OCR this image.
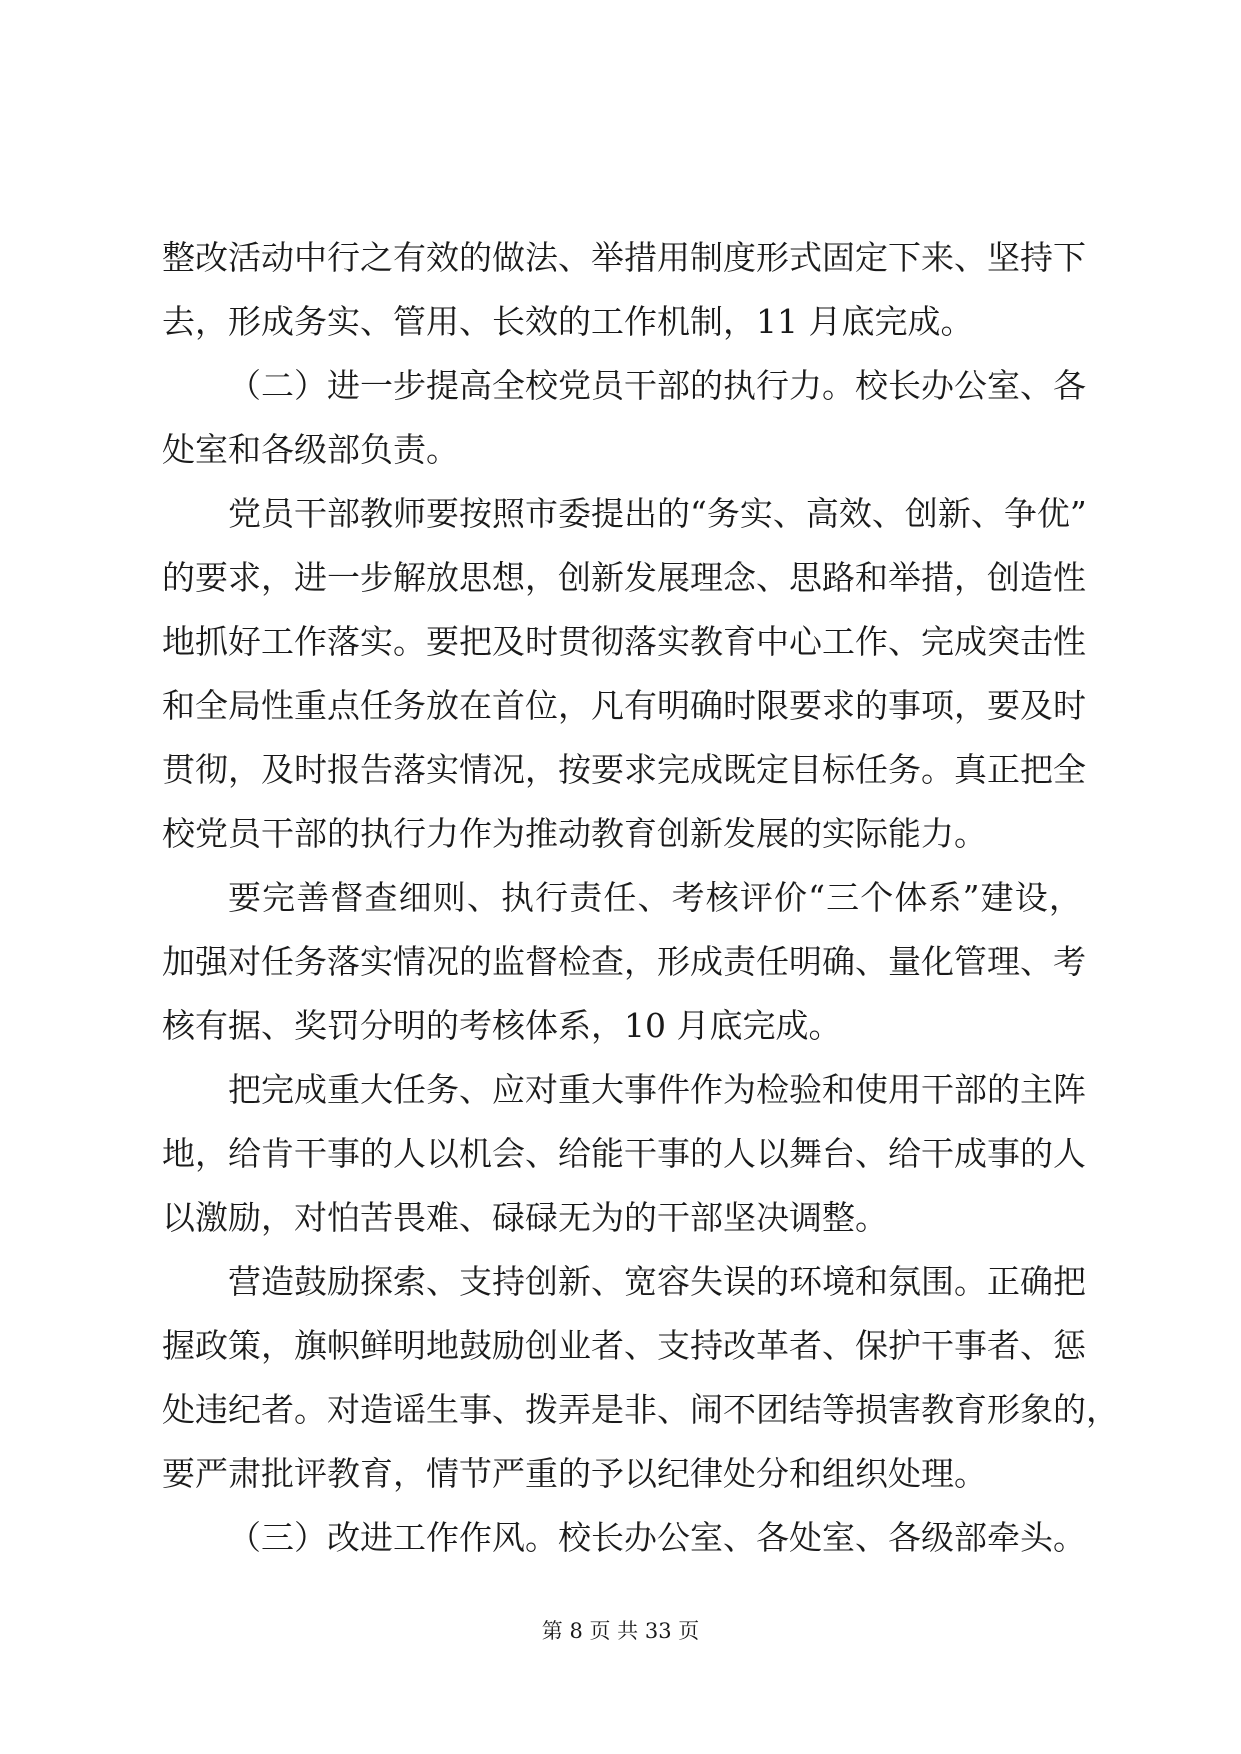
整 改 活 动 中 行 之 有 效 的 做 法 、 举 措 用 制 度 形 式 固 定 下 来 、 坚 持 下
去，形成务实、管用、长效的工作机制，11 月底完成。
（ 二 ） 进 一 步 提 高 全 校 党 员 干 部 的 执 行 力 。 校 长 办 公 室 、 各
处室和各级部负责。
党 员 干 部 教 师 要 按 照 市 委 提 出 的 “ 务 实 、 高 效 、 创 新 、 争 优 ”
的 要 求 ， 进 一 步 解 放 思 想 ， 创 新 发 展 理 念 、 思 路 和 举 措 ， 创 造 性
地 抓 好 工 作 落 实 。 要 把 及 时 贯 彻 落 实 教 育 中 心 工 作 、 完 成 突 击 性
和 全 局 性 重 点 任 务 放 在 首 位 ， 凡 有 明 确 时 限 要 求 的 事 项 ， 要 及 时
贯 彻 ， 及 时 报 告 落 实 情 况 ， 按 要 求 完 成 既 定 目 标 任 务 。 真 正 把 全
校党员干部的执行力作为推动教育创新发展的实际能力。
要 完 善 督 查 细 则 、 执 行 责 任 、 考 核 评 价 “ 三 个 体 系 ” 建 设 ，
加 强 对 任 务 落 实 情 况 的 监 督 检 查 ， 形 成 责 任 明 确 、 量 化 管 理 、 考
核有据、奖罚分明的考核体系，10 月底完成。
把 完 成 重 大 任 务 、 应 对 重 大 事 件 作 为 检 验 和 使 用 干 部 的 主 阵
地 ， 给 肯 干 事 的 人 以 机 会 、 给 能 干 事 的 人 以 舞 台 、 给 干 成 事 的 人
以激励，对怕苦畏难、碌碌无为的干部坚决调整。
营 造 鼓 励 探 索 、 支 持 创 新 、 宽 容 失 误 的 环 境 和 氛 围 。 正 确 把
握 政 策 ， 旗 帜 鲜 明 地 鼓 励 创 业 者 、 支 持 改 革 者 、 保 护 干 事 者 、 惩
处 违 纪 者 。 对 造 谣 生 事 、 拨 弄 是 非 、 闹 不 团 结 等 损 害 教 育 形 象 的 ，
要严肃批评教育，情节严重的予以纪律处分和组织处理。
（ 三 ） 改 进 工 作 作 风 。 校 长 办 公 室 、 各 处 室 、 各 级 部 牵 头 。
第 8 页 共 33 页
